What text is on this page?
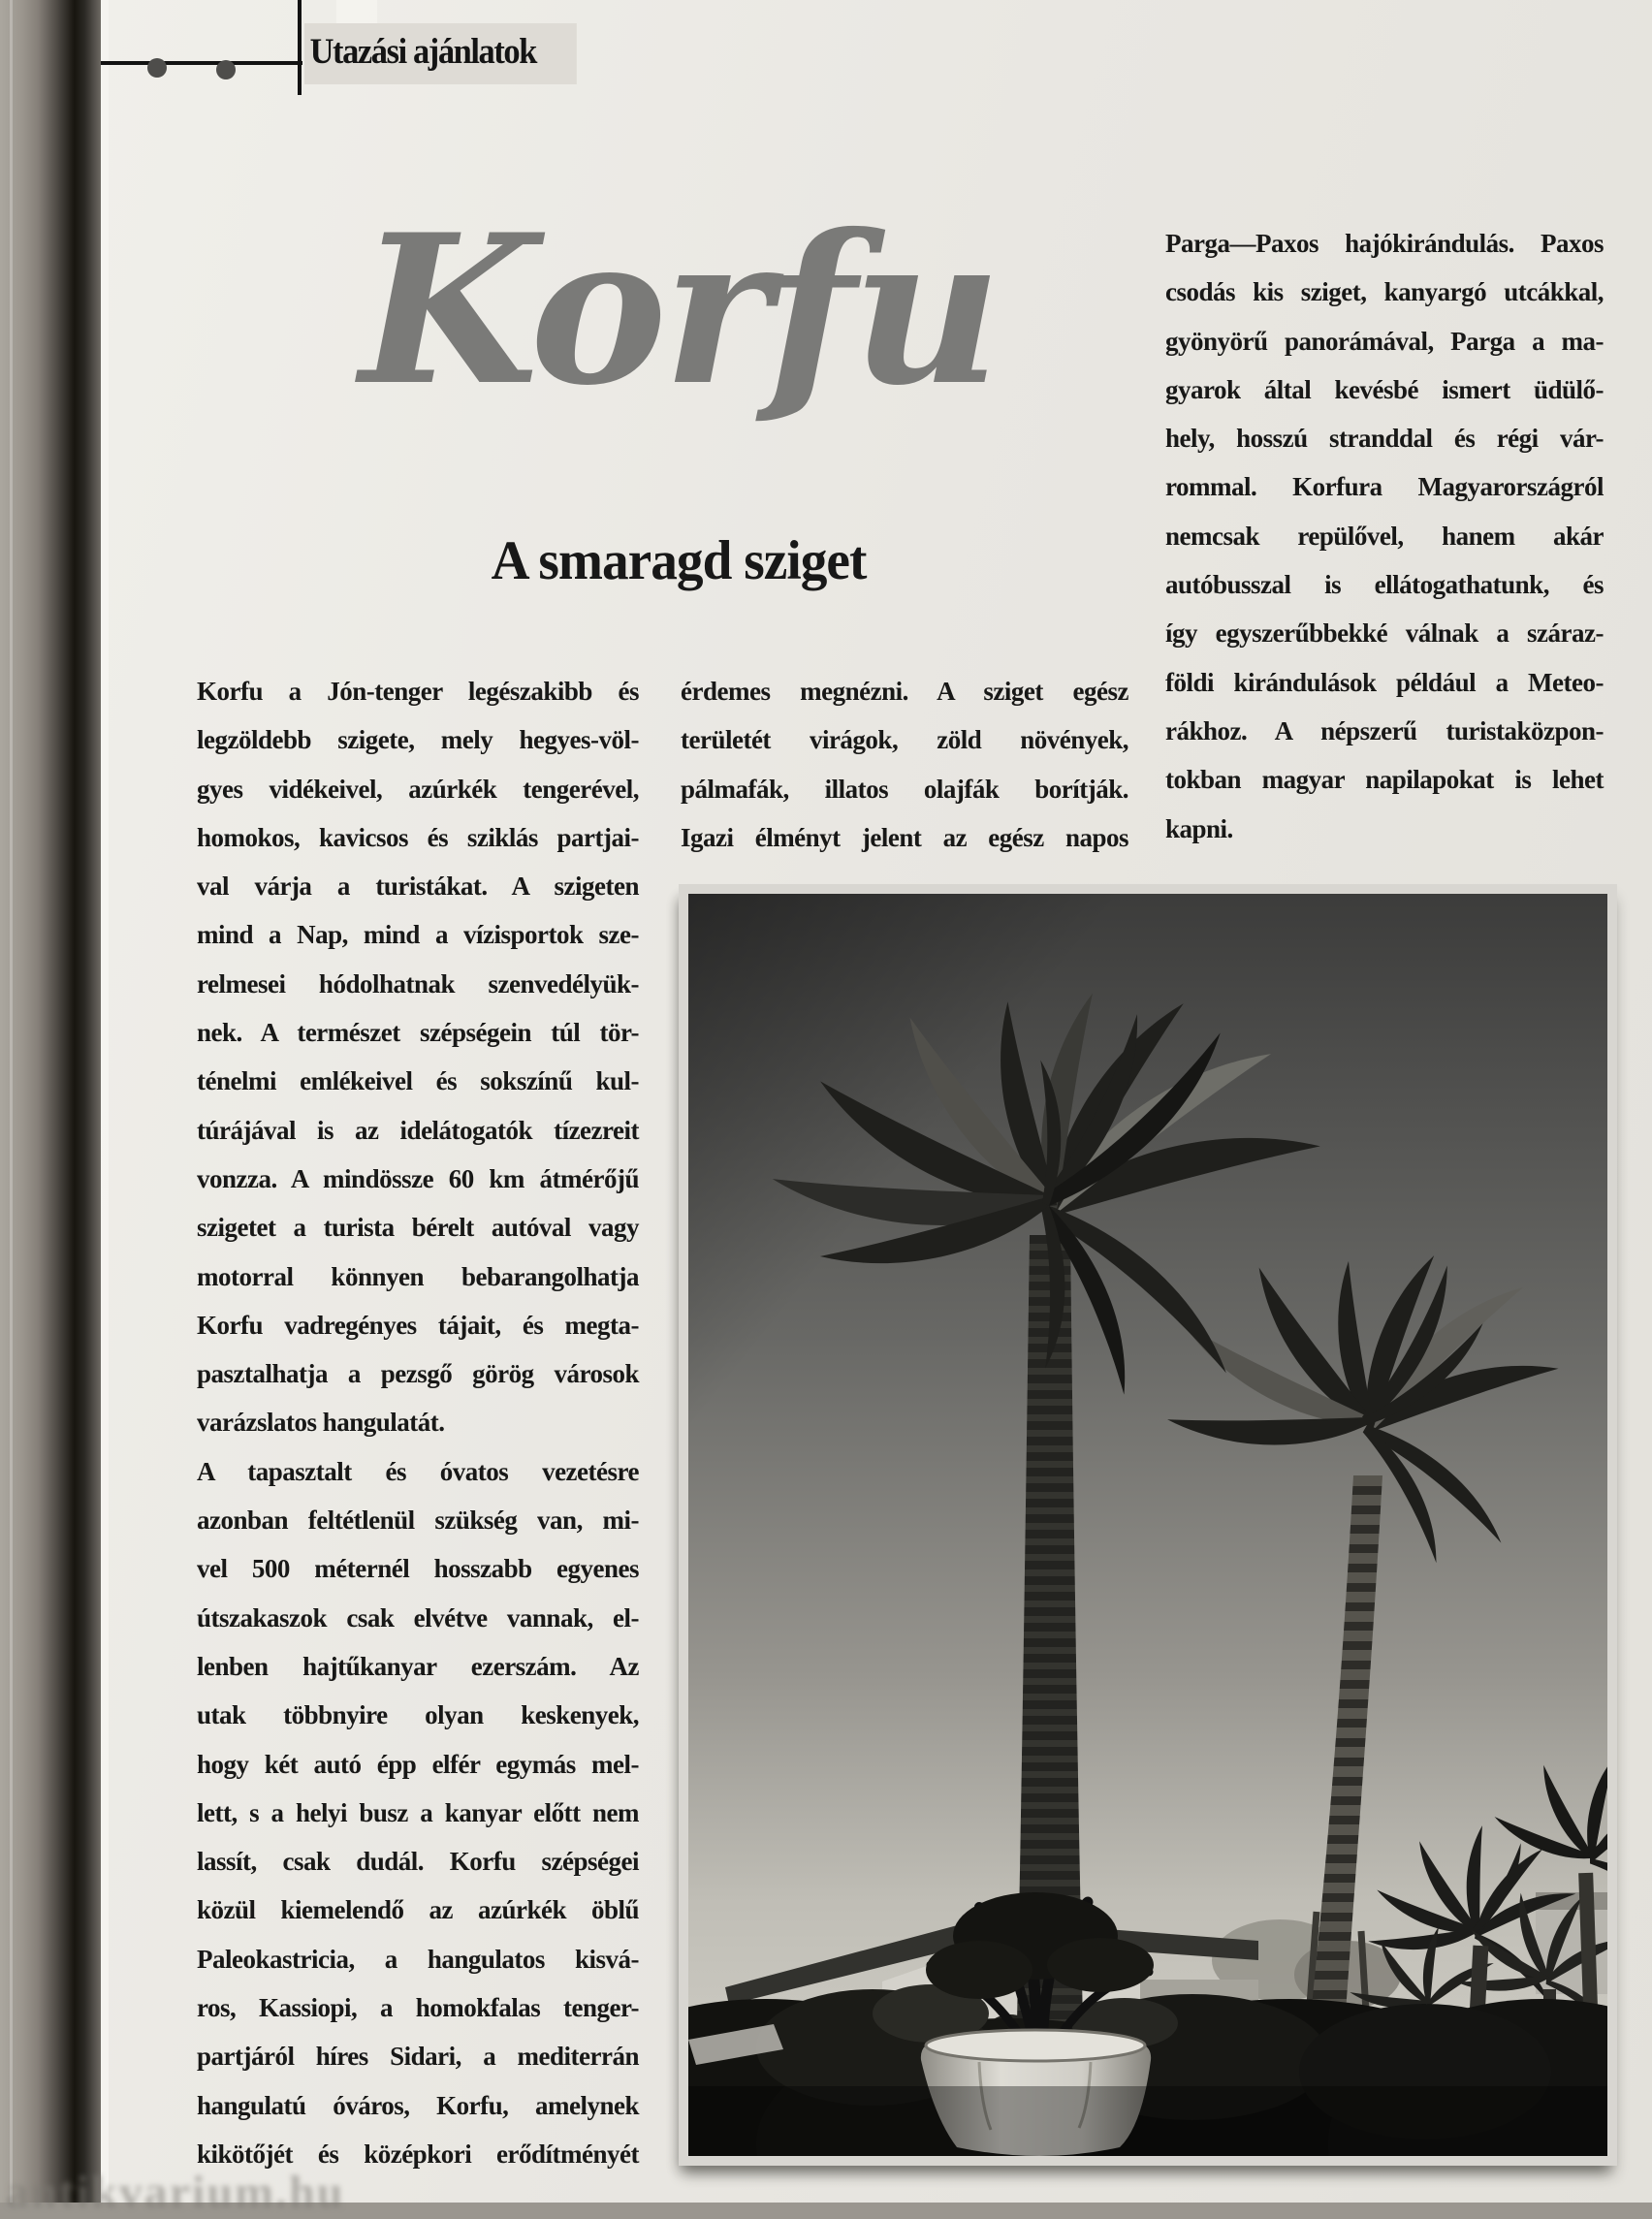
Utazási ajánlatok
Korfu
A smaragd sziget
Korfu a Jón-tenger legészakibb és
legzöldebb szigete, mely hegyes-völ-
gyes vidékeivel, azúrkék tengerével,
homokos, kavicsos és sziklás partjai-
val várja a turistákat. A szigeten
mind a Nap, mind a vízisportok sze-
relmesei hódolhatnak szenvedélyük-
nek. A természet szépségein túl tör-
ténelmi emlékeivel és sokszínű kul-
túrájával is az idelátogatók tízezreit
vonzza. A mindössze 60 km átmérőjű
szigetet a turista bérelt autóval vagy
motorral könnyen bebarangolhatja
Korfu vadregényes tájait, és megta-
pasztalhatja a pezsgő görög városok
varázslatos hangulatát.
A tapasztalt és óvatos vezetésre
azonban feltétlenül szükség van, mi-
vel 500 méternél hosszabb egyenes
útszakaszok csak elvétve vannak, el-
lenben hajtűkanyar ezerszám. Az
utak többnyire olyan keskenyek,
hogy két autó épp elfér egymás mel-
lett, s a helyi busz a kanyar előtt nem
lassít, csak dudál. Korfu szépségei
közül kiemelendő az azúrkék öblű
Paleokastricia, a hangulatos kisvá-
ros, Kassiopi, a homokfalas tenger-
partjáról híres Sidari, a mediterrán
hangulatú óváros, Korfu, amelynek
kikötőjét és középkori erődítményét
érdemes megnézni. A sziget egész
területét virágok, zöld növények,
pálmafák, illatos olajfák borítják.
Igazi élményt jelent az egész napos
Parga—Paxos hajókirándulás. Paxos
csodás kis sziget, kanyargó utcákkal,
gyönyörű panorámával, Parga a ma-
gyarok által kevésbé ismert üdülő-
hely, hosszú stranddal és régi vár-
rommal. Korfura Magyarországról
nemcsak repülővel, hanem akár
autóbusszal is ellátogathatunk, és
így egyszerűbbekké válnak a száraz-
földi kirándulások például a Meteo-
rákhoz. A népszerű turistaközpon-
tokban magyar napilapokat is lehet
kapni.
antikvarium.hu
